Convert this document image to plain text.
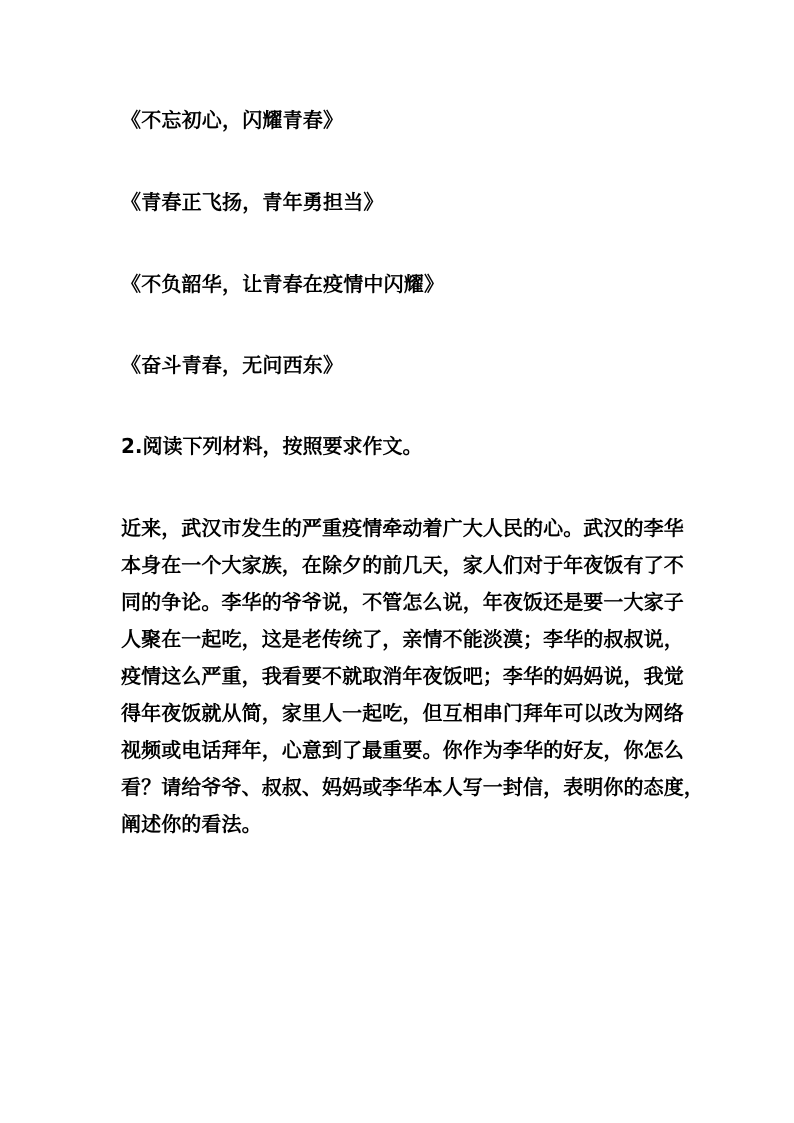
《不忘初心，闪耀青春》
《青春正飞扬，青年勇担当》
《不负韶华，让青春在疫情中闪耀》
《奋斗青春，无问西东》
2.阅读下列材料，按照要求作文。
近来，武汉市发生的严重疫情牵动着广大人民的心。武汉的李华
本身在一个大家族，在除夕的前几天，家人们对于年夜饭有了不
同的争论。李华的爷爷说，不管怎么说，年夜饭还是要一大家子
人聚在一起吃，这是老传统了，亲情不能淡漠；李华的叔叔说，
疫情这么严重，我看要不就取消年夜饭吧；李华的妈妈说，我觉
得年夜饭就从简，家里人一起吃，但互相串门拜年可以改为网络
视频或电话拜年，心意到了最重要。你作为李华的好友，你怎么
看？请给爷爷、叔叔、妈妈或李华本人写一封信，表明你的态度，
阐述你的看法。
